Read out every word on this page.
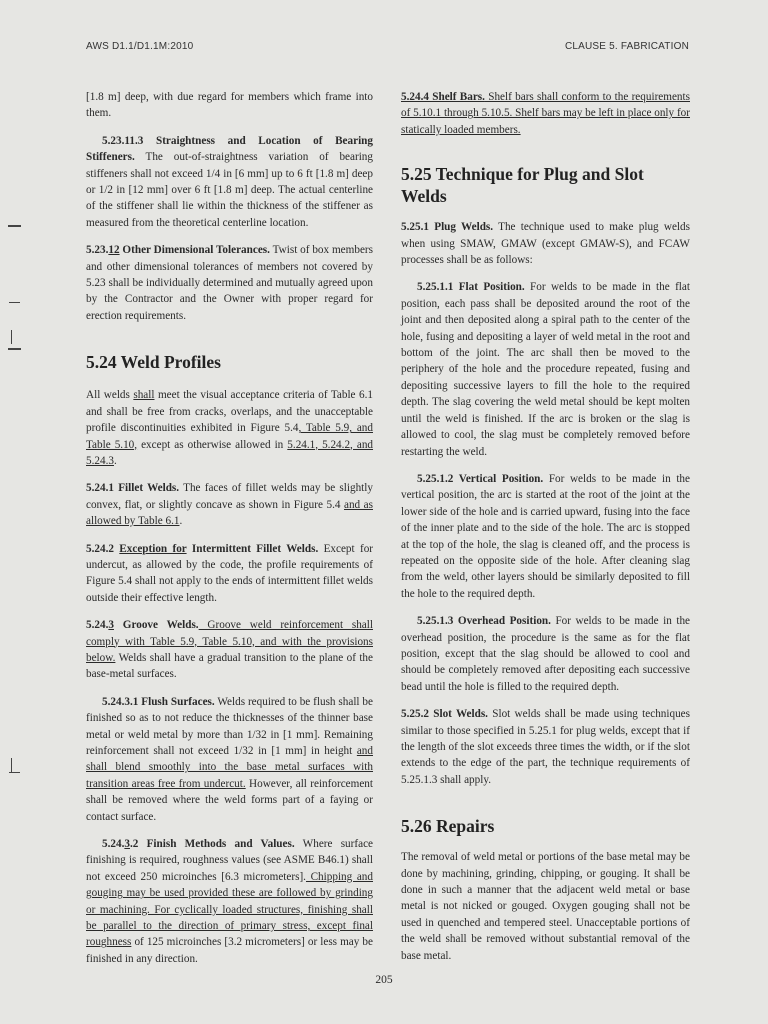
AWS D1.1/D1.1M:2010	CLAUSE 5. FABRICATION

[1.8 m] deep, with due regard for members which frame into them.

5.23.11.3 Straightness and Location of Bearing Stiffeners. The out-of-straightness variation of bearing stiffeners shall not exceed 1/4 in [6 mm] up to 6 ft [1.8 m] deep or 1/2 in [12 mm] over 6 ft [1.8 m] deep. The actual centerline of the stiffener shall lie within the thickness of the stiffener as measured from the theoretical centerline location.

5.23.12 Other Dimensional Tolerances. Twist of box members and other dimensional tolerances of members not covered by 5.23 shall be individually determined and mutually agreed upon by the Contractor and the Owner with proper regard for erection requirements.

5.24 Weld Profiles

All welds shall meet the visual acceptance criteria of Table 6.1 and shall be free from cracks, overlaps, and the unacceptable profile discontinuities exhibited in Figure 5.4, Table 5.9, and Table 5.10, except as otherwise allowed in 5.24.1, 5.24.2, and 5.24.3.

5.24.1 Fillet Welds. The faces of fillet welds may be slightly convex, flat, or slightly concave as shown in Figure 5.4 and as allowed by Table 6.1.

5.24.2 Exception for Intermittent Fillet Welds. Except for undercut, as allowed by the code, the profile requirements of Figure 5.4 shall not apply to the ends of intermittent fillet welds outside their effective length.

5.24.3 Groove Welds. Groove weld reinforcement shall comply with Table 5.9, Table 5.10, and with the provisions below. Welds shall have a gradual transition to the plane of the base-metal surfaces.

5.24.3.1 Flush Surfaces. Welds required to be flush shall be finished so as to not reduce the thicknesses of the thinner base metal or weld metal by more than 1/32 in [1 mm]. Remaining reinforcement shall not exceed 1/32 in [1 mm] in height and shall blend smoothly into the base metal surfaces with transition areas free from undercut. However, all reinforcement shall be removed where the weld forms part of a faying or contact surface.

5.24.3.2 Finish Methods and Values. Where surface finishing is required, roughness values (see ASME B46.1) shall not exceed 250 microinches [6.3 micrometers]. Chipping and gouging may be used provided these are followed by grinding or machining. For cyclically loaded structures, finishing shall be parallel to the direction of primary stress, except final roughness of 125 microinches [3.2 micrometers] or less may be finished in any direction.

5.24.4 Shelf Bars. Shelf bars shall conform to the requirements of 5.10.1 through 5.10.5. Shelf bars may be left in place only for statically loaded members.

5.25 Technique for Plug and Slot Welds

5.25.1 Plug Welds. The technique used to make plug welds when using SMAW, GMAW (except GMAW-S), and FCAW processes shall be as follows:

5.25.1.1 Flat Position. For welds to be made in the flat position, each pass shall be deposited around the root of the joint and then deposited along a spiral path to the center of the hole, fusing and depositing a layer of weld metal in the root and bottom of the joint. The arc shall then be moved to the periphery of the hole and the procedure repeated, fusing and depositing successive layers to fill the hole to the required depth. The slag covering the weld metal should be kept molten until the weld is finished. If the arc is broken or the slag is allowed to cool, the slag must be completely removed before restarting the weld.

5.25.1.2 Vertical Position. For welds to be made in the vertical position, the arc is started at the root of the joint at the lower side of the hole and is carried upward, fusing into the face of the inner plate and to the side of the hole. The arc is stopped at the top of the hole, the slag is cleaned off, and the process is repeated on the opposite side of the hole. After cleaning slag from the weld, other layers should be similarly deposited to fill the hole to the required depth.

5.25.1.3 Overhead Position. For welds to be made in the overhead position, the procedure is the same as for the flat position, except that the slag should be allowed to cool and should be completely removed after depositing each successive bead until the hole is filled to the required depth.

5.25.2 Slot Welds. Slot welds shall be made using techniques similar to those specified in 5.25.1 for plug welds, except that if the length of the slot exceeds three times the width, or if the slot extends to the edge of the part, the technique requirements of 5.25.1.3 shall apply.

5.26 Repairs

The removal of weld metal or portions of the base metal may be done by machining, grinding, chipping, or gouging. It shall be done in such a manner that the adjacent weld metal or base metal is not nicked or gouged. Oxygen gouging shall not be used in quenched and tempered steel. Unacceptable portions of the weld shall be removed without substantial removal of the base metal.

205
